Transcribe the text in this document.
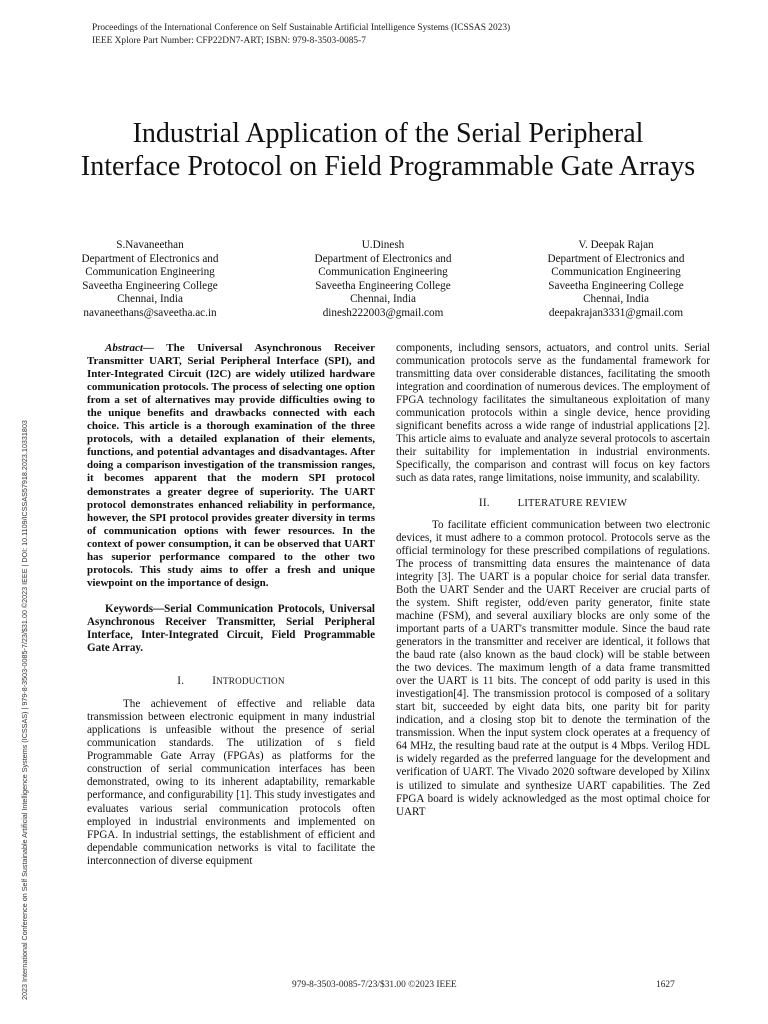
Proceedings of the International Conference on Self Sustainable Artificial Intelligence Systems (ICSSAS 2023)
IEEE Xplore Part Number: CFP22DN7-ART; ISBN: 979-8-3503-0085-7
2023 International Conference on Self Sustainable Artificial Intelligence Systems (ICSSAS) | 979-8-3503-0085-7/23/$31.00 ©2023 IEEE | DOI: 10.1109/ICSSAS57918.2023.10331803
Industrial Application of the Serial Peripheral Interface Protocol on Field Programmable Gate Arrays
S.Navaneethan
Department of Electronics and
Communication Engineering
Saveetha Engineering College
Chennai, India
navaneethans@saveetha.ac.in
U.Dinesh
Department of Electronics and
Communication Engineering
Saveetha Engineering College
Chennai, India
dinesh222003@gmail.com
V. Deepak Rajan
Department of Electronics and
Communication Engineering
Saveetha Engineering College
Chennai, India
deepakrajan3331@gmail.com

Abstract— The Universal Asynchronous Receiver Transmitter UART, Serial Peripheral Interface (SPI), and Inter-Integrated Circuit (I2C) are widely utilized hardware communication protocols. The process of selecting one option from a set of alternatives may provide difficulties owing to the unique benefits and drawbacks connected with each choice. This article is a thorough examination of the three protocols, with a detailed explanation of their elements, functions, and potential advantages and disadvantages. After doing a comparison investigation of the transmission ranges, it becomes apparent that the modern SPI protocol demonstrates a greater degree of superiority. The UART protocol demonstrates enhanced reliability in performance, however, the SPI protocol provides greater diversity in terms of communication options with fewer resources. In the context of power consumption, it can be observed that UART has superior performance compared to the other two protocols. This study aims to offer a fresh and unique viewpoint on the importance of design.

Keywords—Serial Communication Protocols, Universal Asynchronous Receiver Transmitter, Serial Peripheral Interface, Inter-Integrated Circuit, Field Programmable Gate Array.

I.	INTRODUCTION

The achievement of effective and reliable data transmission between electronic equipment in many industrial applications is unfeasible without the presence of serial communication standards. The utilization of s field Programmable Gate Array (FPGAs) as platforms for the construction of serial communication interfaces has been demonstrated, owing to its inherent adaptability, remarkable performance, and configurability [1]. This study investigates and evaluates various serial communication protocols often employed in industrial environments and implemented on FPGA. In industrial settings, the establishment of efficient and dependable communication networks is vital to facilitate the interconnection of diverse equipment

components, including sensors, actuators, and control units. Serial communication protocols serve as the fundamental framework for transmitting data over considerable distances, facilitating the smooth integration and coordination of numerous devices. The employment of FPGA technology facilitates the simultaneous exploitation of many communication protocols within a single device, hence providing significant benefits across a wide range of industrial applications [2]. This article aims to evaluate and analyze several protocols to ascertain their suitability for implementation in industrial environments. Specifically, the comparison and contrast will focus on key factors such as data rates, range limitations, noise immunity, and scalability.

II.	LITERATURE REVIEW

To facilitate efficient communication between two electronic devices, it must adhere to a common protocol. Protocols serve as the official terminology for these prescribed compilations of regulations. The process of transmitting data ensures the maintenance of data integrity [3]. The UART is a popular choice for serial data transfer. Both the UART Sender and the UART Receiver are crucial parts of the system. Shift register, odd/even parity generator, finite state machine (FSM), and several auxiliary blocks are only some of the important parts of a UART's transmitter module. Since the baud rate generators in the transmitter and receiver are identical, it follows that the baud rate (also known as the baud clock) will be stable between the two devices. The maximum length of a data frame transmitted over the UART is 11 bits. The concept of odd parity is used in this investigation[4]. The transmission protocol is composed of a solitary start bit, succeeded by eight data bits, one parity bit for parity indication, and a closing stop bit to denote the termination of the transmission. When the input system clock operates at a frequency of 64 MHz, the resulting baud rate at the output is 4 Mbps. Verilog HDL is widely regarded as the preferred language for the development and verification of UART. The Vivado 2020 software developed by Xilinx is utilized to simulate and synthesize UART capabilities. The Zed FPGA board is widely acknowledged as the most optimal choice for UART

979-8-3503-0085-7/23/$31.00 ©2023 IEEE	1627
